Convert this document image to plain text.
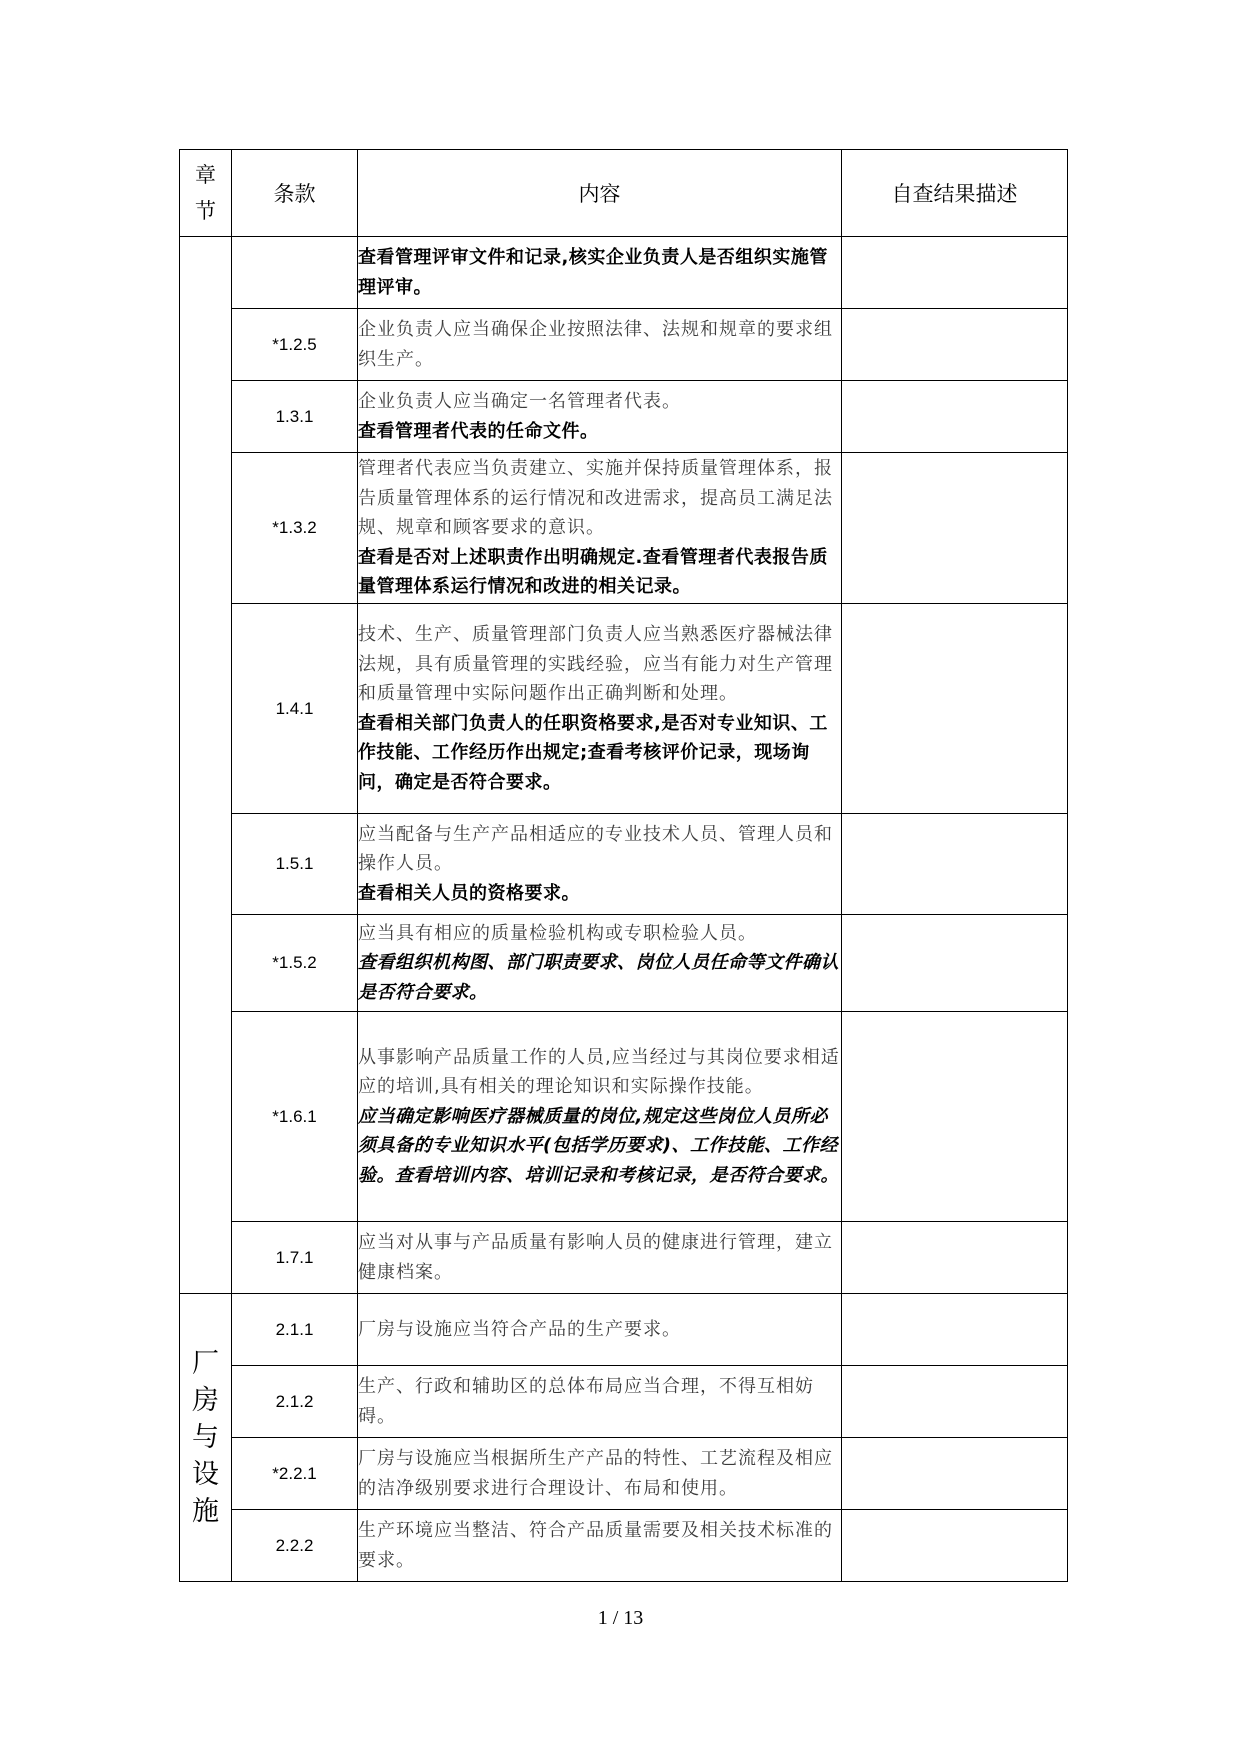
章
节	条款	内容	自查结果描述

		查看管理评审文件和记录,核实企业负责人是否组织实施管理评审。	

	*1.2.5	企业负责人应当确保企业按照法律、法规和规章的要求组织生产。	

	1.3.1	企业负责人应当确定一名管理者代表。
查看管理者代表的任命文件。	

	*1.3.2	管理者代表应当负责建立、实施并保持质量管理体系，报告质量管理体系的运行情况和改进需求，提高员工满足法规、规章和顾客要求的意识。
查看是否对上述职责作出明确规定.查看管理者代表报告质量管理体系运行情况和改进的相关记录。	

	1.4.1	技术、生产、质量管理部门负责人应当熟悉医疗器械法律法规，具有质量管理的实践经验，应当有能力对生产管理和质量管理中实际问题作出正确判断和处理。
查看相关部门负责人的任职资格要求,是否对专业知识、工作技能、工作经历作出规定;查看考核评价记录，现场询问，确定是否符合要求。	

	1.5.1	应当配备与生产产品相适应的专业技术人员、管理人员和操作人员。
查看相关人员的资格要求。	

	*1.5.2	应当具有相应的质量检验机构或专职检验人员。
查看组织机构图、部门职责要求、岗位人员任命等文件确认是否符合要求。	

	*1.6.1	从事影响产品质量工作的人员,应当经过与其岗位要求相适应的培训,具有相关的理论知识和实际操作技能。
应当确定影响医疗器械质量的岗位,规定这些岗位人员所必须具备的专业知识水平(包括学历要求)、工作技能、工作经验。查看培训内容、培训记录和考核记录，是否符合要求。	

	1.7.1	应当对从事与产品质量有影响人员的健康进行管理，建立健康档案。	

厂
房
与
设
施	2.1.1	厂房与设施应当符合产品的生产要求。	

	2.1.2	生产、行政和辅助区的总体布局应当合理，不得互相妨碍。	

	*2.2.1	厂房与设施应当根据所生产产品的特性、工艺流程及相应的洁净级别要求进行合理设计、布局和使用。	

	2.2.2	生产环境应当整洁、符合产品质量需要及相关技术标准的要求。	

1 / 13
